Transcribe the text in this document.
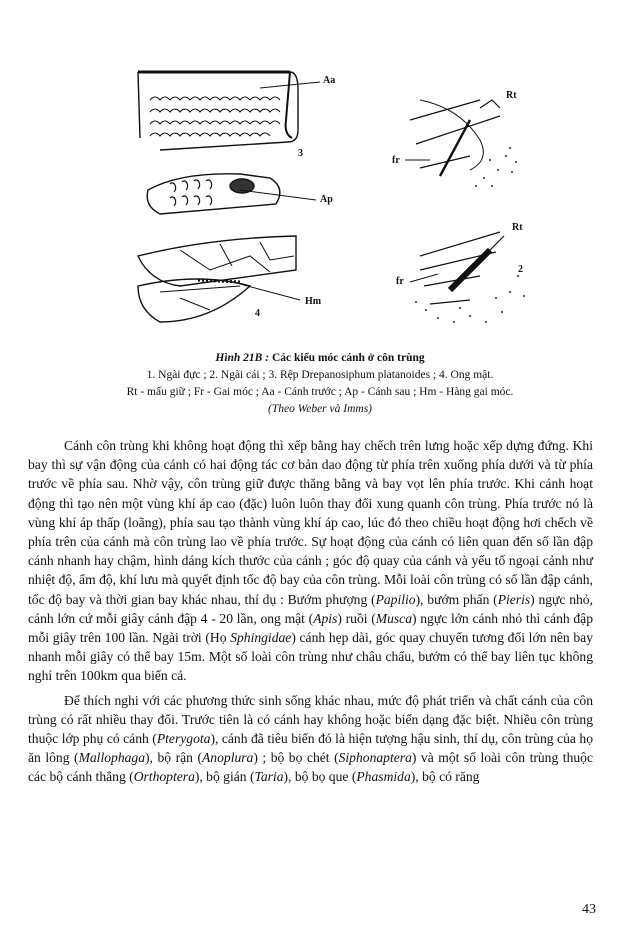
Aa
3
Ap
Hm
4
Rt
fr
Rt
2
fr
Hình 21B : Các kiểu móc cánh ở côn trùng
1. Ngài đực ; 2. Ngài cái ; 3. Rệp Drepanosiphum platanoides ; 4. Ong mật.
Rt - mấu giữ ; Fr - Gai móc ; Aa - Cánh trước ; Ap - Cánh sau ; Hm - Hàng gai móc.
(Theo Weber và Imms)

Cánh côn trùng khi không hoạt động thì xếp bằng hay chếch trên lưng hoặc xếp dựng đứng. Khi bay thì sự vận động của cánh có hai động tác cơ bản dao động từ phía trên xuống phía dưới và từ phía trước về phía sau. Nhờ vậy, côn trùng giữ được thăng bằng và bay vọt lên phía trước. Khi cánh hoạt động thì tạo nên một vùng khí áp cao (đặc) luôn luôn thay đổi xung quanh côn trùng. Phía trước nó là vùng khí áp thấp (loãng), phía sau tạo thành vùng khí áp cao, lúc đó theo chiều hoạt động hơi chếch về phía trên của cánh mà côn trùng lao về phía trước. Sự hoạt động của cánh có liên quan đến số lần đập cánh nhanh hay chậm, hình dáng kích thước của cánh ; góc độ quay của cánh và yếu tố ngoại cảnh như nhiệt độ, ẩm độ, khí lưu mà quyết định tốc độ bay của côn trùng. Mỗi loài côn trùng có số lần đập cánh, tốc độ bay và thời gian bay khác nhau, thí dụ : Bướm phượng (Papilio), bướm phấn (Pieris) ngực nhỏ, cánh lớn cứ mỗi giây cánh đập 4 - 20 lần, ong mật (Apis) ruồi (Musca) ngực lớn cánh nhỏ thì cánh đập mỗi giây trên 100 lần. Ngài trời (Họ Sphingidae) cánh hẹp dài, góc quay chuyển tương đối lớn nên bay nhanh mỗi giây có thể bay 15m. Một số loài côn trùng như châu chấu, bướm có thể bay liên tục không nghỉ trên 100km qua biển cả.

Để thích nghi với các phương thức sinh sống khác nhau, mức độ phát triển và chất cánh của côn trùng có rất nhiều thay đổi. Trước tiên là có cánh hay không hoặc biến dạng đặc biệt. Nhiều côn trùng thuộc lớp phụ có cánh (Pterygota), cánh đã tiêu biến đó là hiện tượng hậu sinh, thí dụ, côn trùng của họ ăn lông (Mallophaga), bộ rận (Anoplura) ; bộ bọ chét (Siphonaptera) và một số loài côn trùng thuộc các bộ cánh thẳng (Orthoptera), bộ gián (Taria), bộ bọ que (Phasmida), bộ có răng

43
